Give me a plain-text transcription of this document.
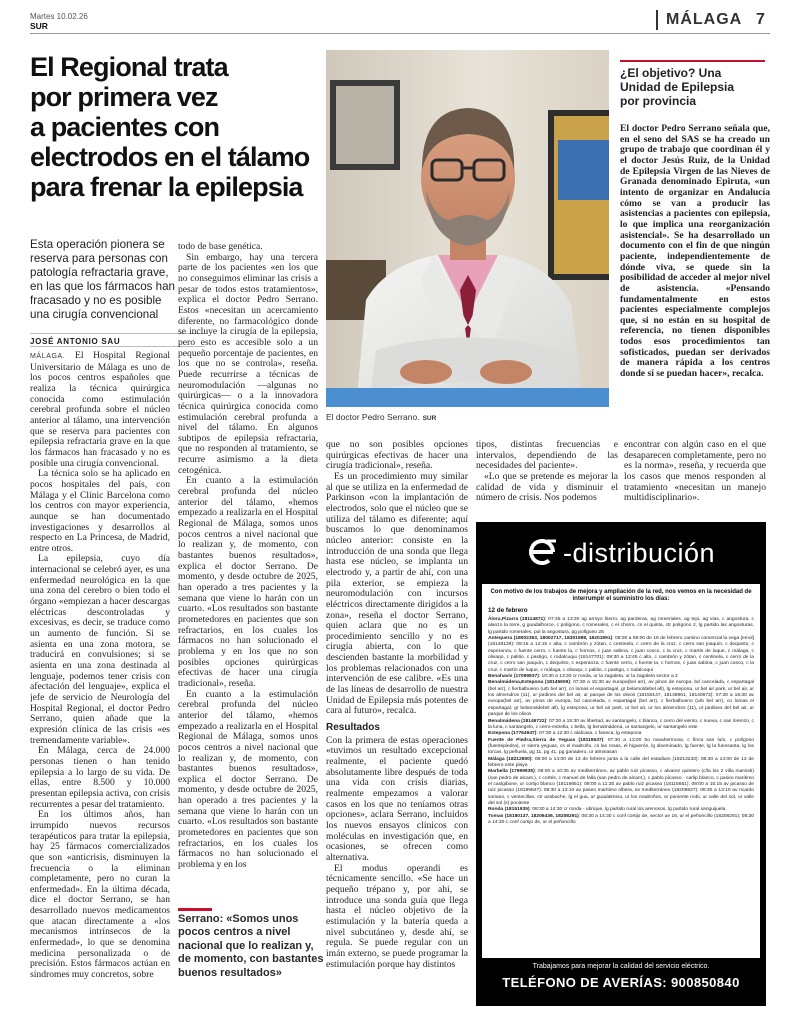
Martes 10.02.26
SUR	MÁLAGA 7
El Regional trata
por primera vez
a pacientes con
electrodos en el tálamo
para frenar la epilepsia
Esta operación pionera se
reserva para personas con
patología refractaria grave,
en las que los fármacos han
fracasado y no es posible
una cirugía convencional
JOSÉ ANTONIO SAU

MÁLAGA. El Hospital Regional Universitario de Málaga es uno de los pocos centros españoles que realiza la técnica quirúrgica conocida como estimulación cerebral profunda sobre el núcleo anterior al tálamo, una intervención que se reserva para pacientes con epilepsia refractaria grave en la que los fármacos han fracasado y no es posible una cirugía convencional.

La técnica solo se ha aplicado en pocos hospitales del país, con Málaga y el Clínic Barcelona como los centros con mayor experiencia, aunque se han documentado investigaciones y desarrollos al respecto en La Princesa, de Madrid, entre otros.

La epilepsia, cuyo día internacional se celebró ayer, es una enfermedad neurológica en la que una zona del cerebro o bien todo el órgano «empiezan a hacer descargas eléctricas descontroladas y excesivas, es decir, se traduce como un aumento de función. Si se asienta en una zona motora, se traducirá en convulsiones; si se asienta en una zona destinada al lenguaje, podemos tener crisis con afectación del lenguaje», explica el jefe de servicio de Neurología del Hospital Regional, el doctor Pedro Serrano, quien añade que la expresión clínica de las crisis «es tremendamente variable».

En Málaga, cerca de 24.000 personas tienen o han tenido epilepsia a lo largo de su vida. De ellas, entre 8.500 y 10.000 presentan epilepsia activa, con crisis recurrentes a pesar del tratamiento.

En los últimos años, han irrumpido nuevos recursos terapéuticos para tratar la epilepsia, hay 25 fármacos comercializados que son «anticrisis, disminuyen la frecuencia o la eliminan completamente, pero no curan la enfermedad». En la última década, dice el doctor Serrano, se han desarrollado nuevos medicamentos que atacan directamente a «los mecanismos intrínsecos de la enfermedad», lo que se denomina medicina personalizada o de precisión. Estos fármacos actúan en síndromes muy concretos, sobre

todo de base genética.

Sin embargo, hay una tercera parte de los pacientes «en los que no conseguimos eliminar las crisis a pesar de todos estos tratamientos», explica el doctor Pedro Serrano. Estos «necesitan un acercamiento diferente, no farmacológico donde se incluye la cirugía de la epilepsia, pero esto es accesible solo a un pequeño porcentaje de pacientes, en los que no se controla», reseña. Puede recurrirse a técnicas de neuromodulación —algunas no quirúrgicas— o a la innovadora técnica quirúrgica conocida como estimulación cerebral profunda a nivel del tálamo. En algunos subtipos de epilepsia refractaria, que no responden al tratamiento, se recurre asimismo a la dieta cetogénica.

En cuanto a la estimulación cerebral profunda del núcleo anterior del tálamo, «hemos empezado a realizarla en el Hospital Regional de Málaga, somos unos pocos centros a nivel nacional que lo realizan y, de momento, con bastantes buenos resultados», explica el doctor Serrano. De momento, y desde octubre de 2025, han operado a tres pacientes y la semana que viene lo harán con un cuarto. «Los resultados son bastante prometedores en pacientes que son refractarios, en los cuales los fármacos no han solucionado el problema y en los que no son posibles opciones quirúrgicas efectivas de hacer una cirugía tradicional», reseña.

En cuanto a la estimulación cerebral profunda del núcleo anterior del tálamo, «hemos empezado a realizarla en el Hospital Regional de Málaga, somos unos pocos centros a nivel nacional que lo realizan y, de momento, con bastantes buenos resultados», explica el doctor Serrano. De momento, y desde octubre de 2025, han operado a tres pacientes y la semana que viene lo harán con un cuarto. «Los resultados son bastante prometedores en pacientes que son refractarios, en los cuales los fármacos no han solucionado el problema y en los

Serrano: «Somos unos
pocos centros a nivel
nacional que lo realizan y,
de momento, con bastantes
buenos resultados»
El doctor Pedro Serrano. SUR
¿El objetivo? Una
Unidad de Epilepsia
por provincia

El doctor Pedro Serrano señala que, en el seno del SAS se ha creado un grupo de trabajo que coordinan él y el doctor Jesús Ruiz, de la Unidad de Epilepsia Virgen de las Nieves de Granada denominado Epiruta, «un intento de organizar en Andalucía cómo se van a producir las asistencias a pacientes con epilepsia, lo que implica una reorganización asistencial». Se ha desarrollado un documento con el fin de que ningún paciente, independientemente de dónde viva, se quede sin la posibilidad de acceder al mejor nivel de asistencia. «Pensando fundamentalmente en estos pacientes especialmente complejos que, si no están en su hospital de referencia, no tienen disponibles todos esos procedimientos tan sofisticados, puedan ser derivados de manera rápida a los centros donde sí se puedan hacer», recalca.

que no son posibles opciones quirúrgicas efectivas de hacer una cirugía tradicional», reseña.

Es un procedimiento muy similar al que se utiliza en la enfermedad de Parkinson «con la implantación de electrodos, solo que el núcleo que se utiliza del tálamo es diferente; aquí buscamos lo que denominamos núcleo anterior: consiste en la introducción de una sonda que llega hasta ese núcleo, se implanta un electrodo y, a partir de ahí, con una pila exterior, se empieza la neuromodulación con incursos eléctricos directamente dirigidos a la zona», reseña el doctor Serrano, quien aclara que no es un procedimiento sencillo y no es cirugía abierta, con lo que descienden bastante la morbilidad y los problemas relacionados con una intervención de ese calibre. «Es una de las líneas de desarrollo de nuestra Unidad de Epilepsia más potentes de cara al futuro», recalca.

Resultados

Con la primera de estas operaciones «tuvimos un resultado excepcional realmente, el paciente quedó absolutamente libre después de toda una vida con crisis diarias, realmente empezamos a valorar casos en los que no teníamos otras opciones», aclara Serrano, incluidos los nuevos ensayos clínicos con moléculas en investigación que, en ocasiones, se ofrecen como alternativa.

El modus operandi es técnicamente sencillo. «Se hace un pequeño trépano y, por ahí, se introduce una sonda guía que llega hasta el núcleo objetivo de la estimulación y la batería queda a nivel subcutáneo y, desde ahí, se regula. Se puede regular con un imán externo, se puede programar la estimulación porque hay distintos

tipos, distintas frecuencias e intervalos, dependiendo de las necesidades del paciente».

«Lo que se pretende es mejorar la calidad de vida y disminuir el número de crisis. Nos podemos

encontrar con algún caso en el que desaparecen completamente, pero no es la norma», reseña, y recuerda que los casos que menos responden al tratamiento «necesitan un manejo multidisciplinario».

-distribución
Con motivo de los trabajos de mejora y ampliación de la red, nos vemos en la necesidad de interrumpir el suministro los días:
12 de febrero
Álora,Pizarra (18114871): 07:45 a 13:30 ag arroyo hierro, ag parderas, ag romeriales, ag tejo, ag vias, c angostura, c alanzo la torre, g guadalhorce, c polígono, c romerales, c el chorro, cs el quinta, ctr polígono 2, lg partido las angosturas, lg partido romerales, pol la angostura, pg polígono 25
Antequera (18002393, 18002717, 18301988, 18201991): 08:00 a 08:00 de 16 de febrero camino comercial la vega [emol] (18148128): 09:15 a 14:15 c alta, c cambrón y zótan, c centinela, c cerro de la cruz, c cerro san joaquín, c dequinto, c esperanza, c fuente cerro, c fuente la, c hornos, c juan sabina, c juan cosco, c la cruz, c martín de luque, c málaga, c olivaqo, c palitio, c pastigo, c rodalcuqui (18147701): 09:30 a 13:45 c alto, c cambrón y zótan, c centinela, c cerro de la cruz, c cerro san joaquín, c dequinto, c esperanza, c fuente cerro, c fuente la, c hornos, c juan sabina, c juan cosco, c la cruz, c martín de luque, c málaga, c olivaqo, c palitio, c pastigo, c rodalcuqui
Benahavís (17099937): 10:30 a 13:30 cr ronda, ur la zagaleta, ur la zagaleta sector a 2
Benalmádena,Estepona (18145609): 07:30 a 15:30 av europa(bel arr), av pinos de europa, bd cancelada, c espartagal (bel arr), c fierbalbueno (urb bel arr), cn lomas el espartagal, gr belamoldebel all), lg estepona, ur bel air park, ur bel air, ur los almendros (11), ur jardines del bel air, ur parque de los olivos (18150147, 18148961, 18140673): 07:30 a 15:30 av europa(bel arr), av pinos de europa, bd cancelada, c espartagal (bel arr), c fierbalbueno (urb bel arr), cn lomas el espartagal, gr belamoldebel all), lg estepona, ur bel air park, ur bel air, ur los almendros (11), ur jardines del bel air, ur parque de los olivos
Benalmádena (18146722): 07:30 a 15:30 av libertad, av santangelo, c blanca, c cerro del viento, c nueva, c san lorenzo, c la luna, c santangelo, c cerro-estrella, c bella, lg benalmádena, ur santangelo, ur santangelo este
Estepona (17764947): 07:30 a 12:30 c alalcasa, c faneca, lg estepona
Fuente de Piedra,Sierra de Yeguas (18119537): 07:30 a 13:00 bo navahermosa, c finca san luís, c polígono (fuentepiedra), cr sierra yeguas, cs el madroño, cs las rosas, el higuerón, lg diseminado, lg fuente, lg la fuensanta, lg los torcas, lg peñuela, pg 11, pg 41, pg ganadero, ur alminasan
Málaga (18212800): 08:00 a 14:00 de 13 de febrero junta a la calle del estadium (18213233): 08:30 a 14:00 de 13 de febrero ente playa
Marbella (17999935): 08:00 a 10:35 av mediterráneo, av pablo ruiz picasso, c alvarez quintero (c/la los 2 villa marsisti) (san pedro de alcant.), c cortés, c manuel de falla (san pedro de alcant.), c pablo picasso - carlip blanco, c paseo marítimo el caslgibone, ur cortijo blanco (18116651): 08:00 a 11:30 av pablo ruiz picasso (18115651): 08:00 a 15:15 av picasso de ruiz picasso (18199847): 08:30 a 13:10 av paseo marítimo olbera, av mediterráneo (18209827): 08:30 a 13:10 av ricardo soriano, c ventecillas, ctr azabache, lg el gua, ur guadalmina, ur los madroños, ur poniente nobi, ur valle del sol, ur valle del sol (s) poniente
Ronda (18151935): 08:30 a 14:30 cr ronda - ubrique, lg partido rural los arenosos, lg partido rural sanguijuela
Tomas (18180137, 18206436, 18208291): 08:30 a 14:30 c conf cortijo de, sector ue 16, ur el peñoncillo (18208291): 08:30 a 14:30 c conf cortijo de, ur el peñoncillo
Trabajamos para mejorar la calidad del servicio eléctrico.
TELÉFONO DE AVERÍAS: 900850840
